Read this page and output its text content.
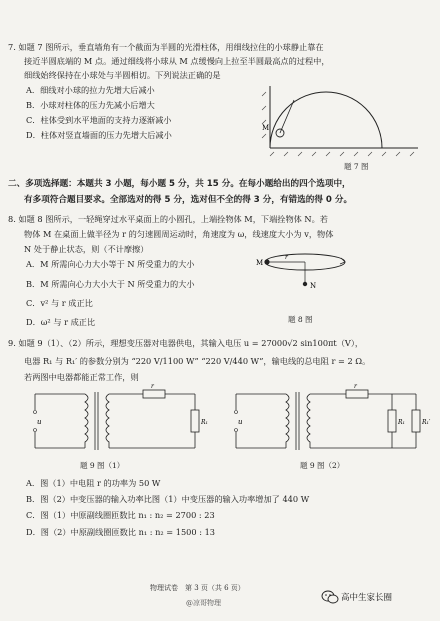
7. 如题 7 图所示，垂直墙角有一个截面为半圆的光滑柱体，用细线拉住的小球静止靠在
接近半圆底端的 M 点。通过细线将小球从 M 点缓慢向上拉至半圆最高点的过程中，
细线始终保持在小球处与半圆相切。下列说法正确的是
A．细线对小球的拉力先增大后减小
B．小球对柱体的压力先减小后增大
C．柱体受到水平地面的支持力逐渐减小
D．柱体对竖直墙面的压力先增大后减小
M
题 7 图
二、多项选择题：本题共 3 小题，每小题 5 分，共 15 分。在每小题给出的四个选项中，
有多项符合题目要求。全部选对的得 5 分，选对但不全的得 3 分，有错选的得 0 分。
8. 如题 8 图所示，一轻绳穿过水平桌面上的小圆孔，上端拴物体 M，下端拴物体 N。若
物体 M 在桌面上做半径为 r 的匀速圆周运动时，角速度为 ω，线速度大小为 v，物体
N 处于静止状态，则（不计摩擦）
A．M 所需向心力大小等于 N 所受重力的大小
B．M 所需向心力大小大于 N 所受重力的大小
C．v² 与 r 成正比
D．ω² 与 r 成正比
M
r
N
题 8 图
9. 如题 9（1）、（2）所示，理想变压器对电器供电，其输入电压 u = 27000√2 sin100πt（V），
电器 R₁ 与 R₁′ 的参数分别为 “220 V/1100 W” “220 V/440 W”，输电线的总电阻 r = 2 Ω。
若两图中电器都能正常工作，则
u
r
R₁
题 9 图（1）
u
r
R₁	R₁′
题 9 图（2）
A．图（1）中电阻 r 的功率为 50 W
B．图（2）中变压器的输入功率比图（1）中变压器的输入功率增加了 440 W
C．图（1）中原副线圈匝数比 n₁ : n₂ = 2700 : 23
D．图（2）中原副线圈匝数比 n₁ : n₂ = 1500 : 13
物理试卷　第 3 页（共 6 页）
@凉哥物理	高中生家长圈
